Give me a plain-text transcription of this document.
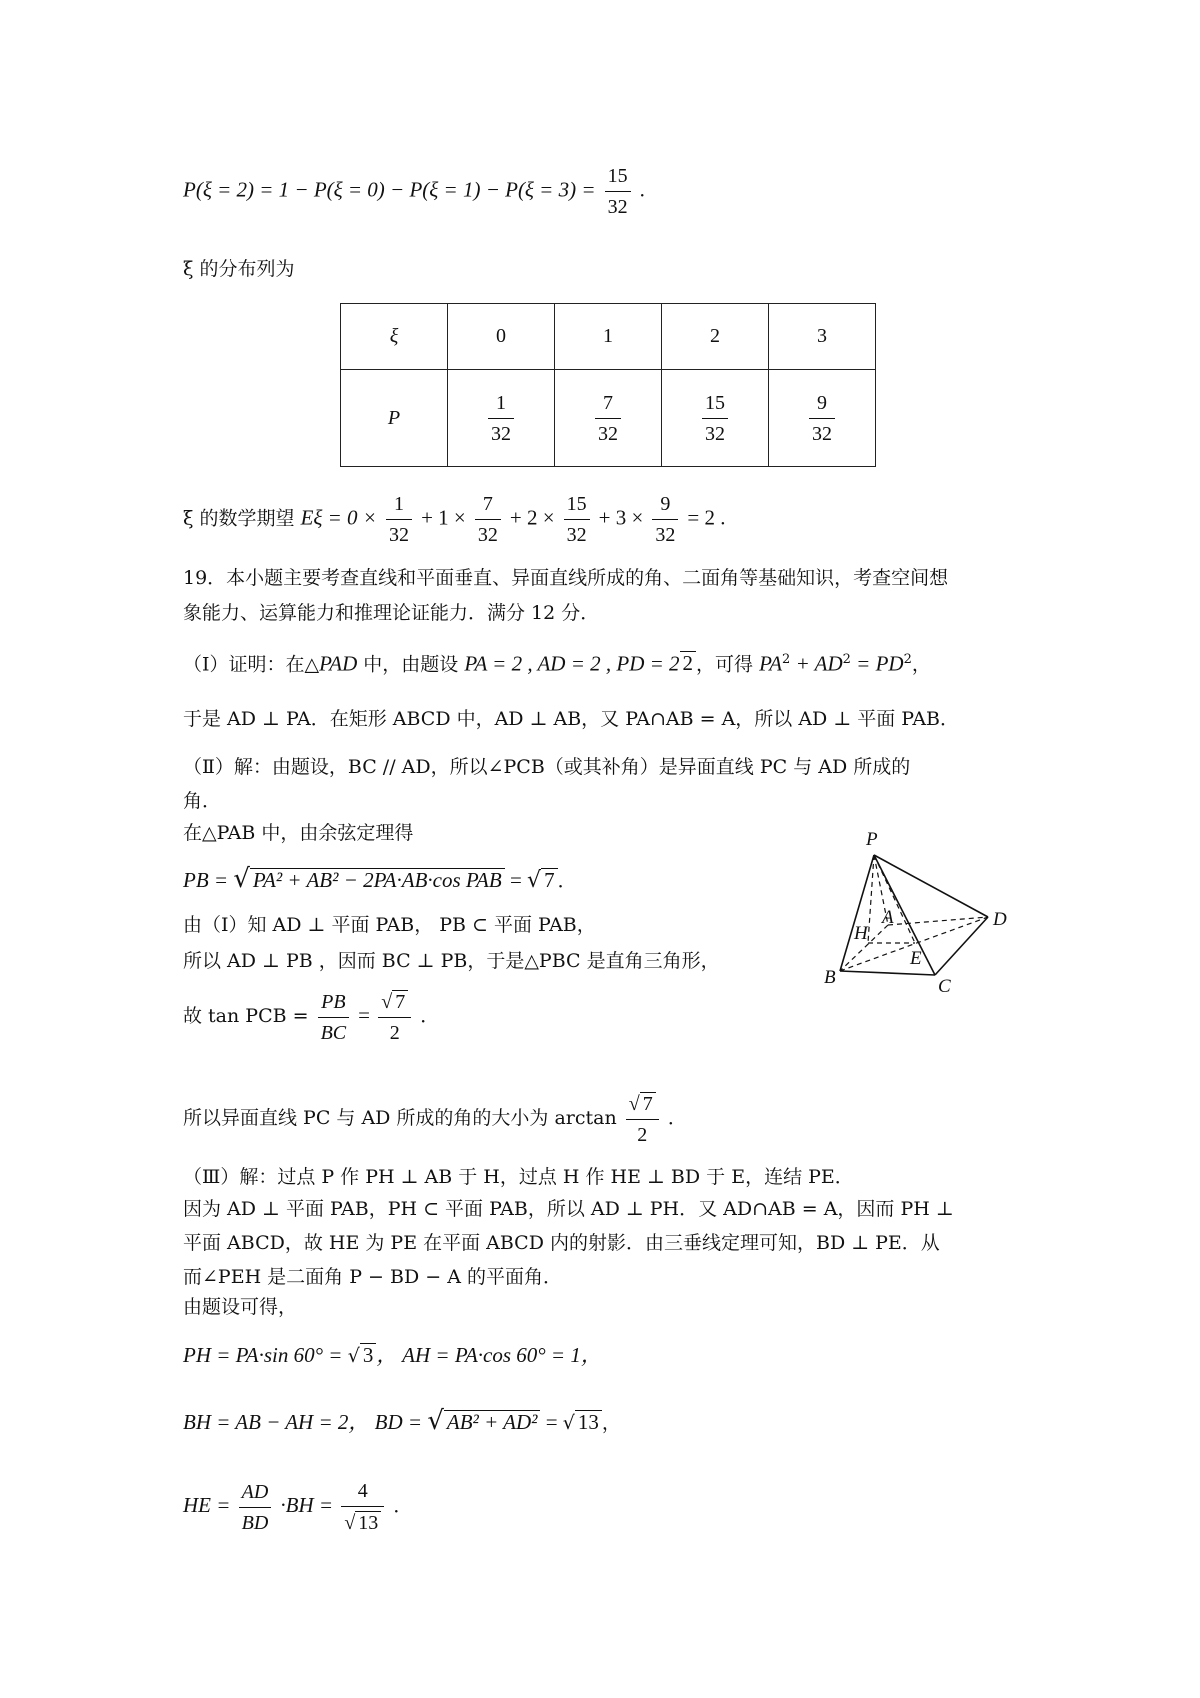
$P(\xi = 2) = 1 - P(\xi = 0) - P(\xi = 1) - P(\xi = 3) = \frac{15}{32}$ .
ξ 的分布列为
ξ	0	1	2	3
P	$\frac{1}{32}$	$\frac{7}{32}$	$\frac{15}{32}$	$\frac{9}{32}$
ξ 的数学期望 $E\xi = 0 \times \frac{1}{32} + 1 \times \frac{7}{32} + 2 \times \frac{15}{32} + 3 \times \frac{9}{32} = 2$ .
19．本小题主要考查直线和平面垂直、异面直线所成的角、二面角等基础知识，考查空间想
象能力、运算能力和推理论证能力．满分 12 分．
（Ⅰ）证明：在△PAD 中，由题设 PA = 2 , AD = 2 , PD = 2 2 ，可得 $PA^2 + AD^2 = PD^2$，
于是 AD ⊥ PA．在矩形 ABCD 中，AD ⊥ AB，又 PA∩AB = A，所以 AD ⊥ 平面 PAB．
（Ⅱ）解：由题设，BC // AD，所以∠PCB（或其补角）是异面直线 PC 与 AD 所成的
角．
在△PAB 中，由余弦定理得
PB = √ PA² + AB² − 2PA·AB·cos PAB = √ 7 ．
由（Ⅰ）知 AD ⊥ 平面 PAB， PB ⊂ 平面 PAB，
所以 AD ⊥ PB ，因而 BC ⊥ PB，于是△PBC 是直角三角形，
故 tan PCB = $\frac{PB}{BC} = \frac{√ 7}{2}$ ．
所以异面直线 PC 与 AD 所成的角的大小为 $\arctan \frac{√ 7}{2}$ ．
（Ⅲ）解：过点 P 作 PH ⊥ AB 于 H，过点 H 作 HE ⊥ BD 于 E，连结 PE．
因为 AD ⊥ 平面 PAB，PH ⊂ 平面 PAB，所以 AD ⊥ PH．又 AD∩AB = A，因而 PH ⊥
平面 ABCD，故 HE 为 PE 在平面 ABCD 内的射影．由三垂线定理可知，BD ⊥ PE．从
而∠PEH 是二面角 P − BD − A 的平面角．
由题设可得，
PH = PA·sin 60° = √ 3 ， AH = PA·cos 60° = 1，
BH = AB − AH = 2， BD = √ AB² + AD² = √ 13 ，
HE = $\frac{AD}{BD} \cdot BH = \frac{4}{√ 13}$ ．
P
A	D
H
B
E
C
